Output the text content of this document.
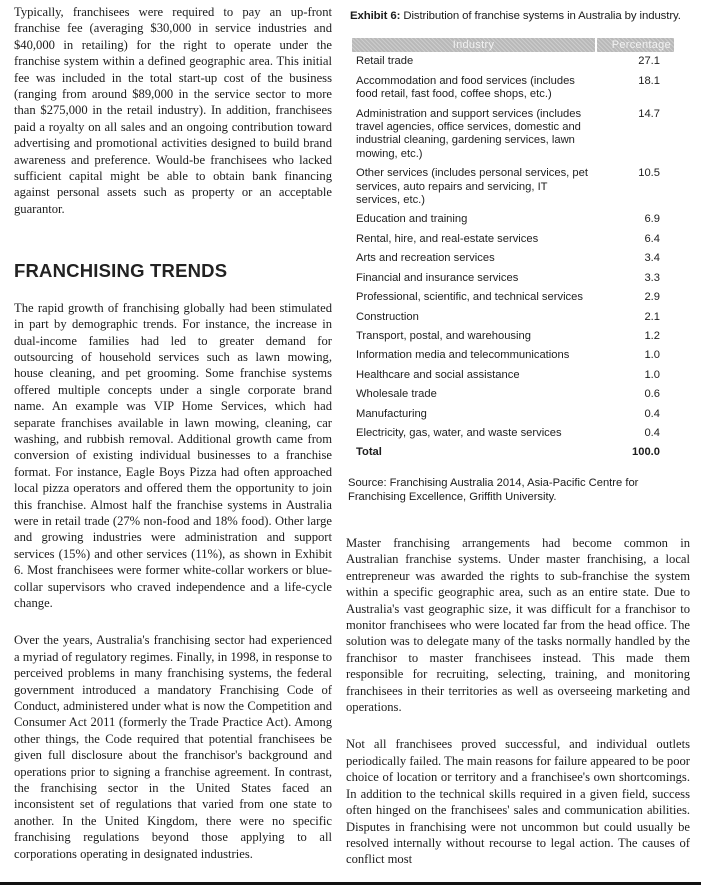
Typically, franchisees were required to pay an up-front franchise fee (averaging $30,000 in service industries and $40,000 in retailing) for the right to operate under the franchise system within a defined geographic area. This initial fee was included in the total start-up cost of the business (ranging from around $89,000 in the service sector to more than $275,000 in the retail industry). In addition, franchisees paid a royalty on all sales and an ongoing contribution toward advertising and promotional activities designed to build brand awareness and preference. Would-be franchisees who lacked sufficient capital might be able to obtain bank financing against personal assets such as property or an acceptable guarantor.

FRANCHISING TRENDS

The rapid growth of franchising globally had been stimulated in part by demographic trends. For instance, the increase in dual-income families had led to greater demand for outsourcing of household services such as lawn mowing, house cleaning, and pet grooming. Some franchise systems offered multiple concepts under a single corporate brand name. An example was VIP Home Services, which had separate franchises available in lawn mowing, cleaning, car washing, and rubbish removal. Additional growth came from conversion of existing individual businesses to a franchise format. For instance, Eagle Boys Pizza had often approached local pizza operators and offered them the opportunity to join this franchise. Almost half the franchise systems in Australia were in retail trade (27% non-food and 18% food). Other large and growing industries were administration and support services (15%) and other services (11%), as shown in Exhibit 6. Most franchisees were former white-collar workers or blue-collar supervisors who craved independence and a life-cycle change.

Over the years, Australia's franchising sector had experienced a myriad of regulatory regimes. Finally, in 1998, in response to perceived problems in many franchising systems, the federal government introduced a mandatory Franchising Code of Conduct, administered under what is now the Competition and Consumer Act 2011 (formerly the Trade Practice Act). Among other things, the Code required that potential franchisees be given full disclosure about the franchisor's background and operations prior to signing a franchise agreement. In contrast, the franchising sector in the United States faced an inconsistent set of regulations that varied from one state to another. In the United Kingdom, there were no specific franchising regulations beyond those applying to all corporations operating in designated industries.

Exhibit 6: Distribution of franchise systems in Australia by industry.
Industry	Percentage
Retail trade	27.1
Accommodation and food services (includes food retail, fast food, coffee shops, etc.)	18.1
Administration and support services (includes travel agencies, office services, domestic and industrial cleaning, gardening services, lawn mowing, etc.)	14.7
Other services (includes personal services, pet services, auto repairs and servicing, IT services, etc.)	10.5
Education and training	6.9
Rental, hire, and real-estate services	6.4
Arts and recreation services	3.4
Financial and insurance services	3.3
Professional, scientific, and technical services	2.9
Construction	2.1
Transport, postal, and warehousing	1.2
Information media and telecommunications	1.0
Healthcare and social assistance	1.0
Wholesale trade	0.6
Manufacturing	0.4
Electricity, gas, water, and waste services	0.4
Total	100.0
Source: Franchising Australia 2014, Asia-Pacific Centre for Franchising Excellence, Griffith University.

Master franchising arrangements had become common in Australian franchise systems. Under master franchising, a local entrepreneur was awarded the rights to sub-franchise the system within a specific geographic area, such as an entire state. Due to Australia's vast geographic size, it was difficult for a franchisor to monitor franchisees who were located far from the head office. The solution was to delegate many of the tasks normally handled by the franchisor to master franchisees instead. This made them responsible for recruiting, selecting, training, and monitoring franchisees in their territories as well as overseeing marketing and operations.

Not all franchisees proved successful, and individual outlets periodically failed. The main reasons for failure appeared to be poor choice of location or territory and a franchisee's own shortcomings. In addition to the technical skills required in a given field, success often hinged on the franchisees' sales and communication abilities. Disputes in franchising were not uncommon but could usually be resolved internally without recourse to legal action. The causes of conflict most
